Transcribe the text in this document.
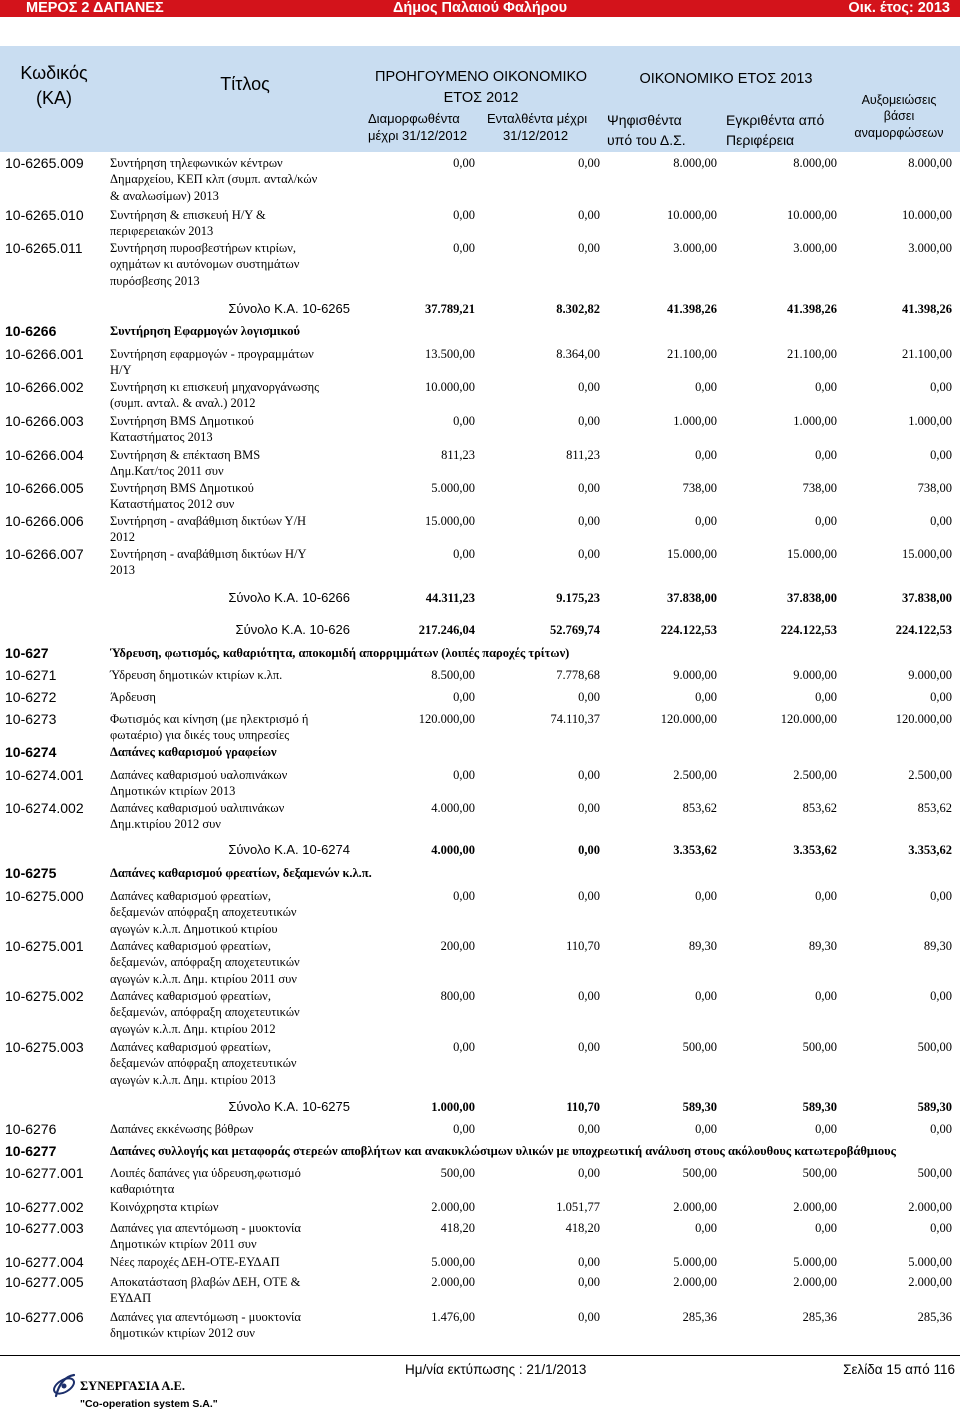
ΜΕΡΟΣ 2 ΔΑΠΑΝΕΣ	Δήμος Παλαιού Φαλήρου	Οικ. έτος: 2013
Κωδικός
(ΚΑ)
Τίτλος	ΠΡΟΗΓΟΥΜΕΝΟ ΟΙΚΟΝΟΜΙΚΟ
ΕΤΟΣ 2012
Διαμορφωθέντα
μέχρι 31/12/2012
Ενταλθέντα μέχρι
31/12/2012
ΟΙΚΟΝΟΜΙΚΟ ΕΤΟΣ 2013
Ψηφισθέντα
υπό του Δ.Σ.
Εγκριθέντα από
Περιφέρεια
Αυξομειώσεις
βάσει
αναμορφώσεων
10-6265.009 Συντήρηση τηλεφωνικών κέντρων
Δημαρχείου, ΚΕΠ κλπ (συμπ. ανταλ/κών
& αναλωσίμων) 2013
0,00	0,00	8.000,00	8.000,00	8.000,00
10-6265.010 Συντήρηση & επισκευή Η/Υ &
περιφερειακών 2013
0,00	0,00	10.000,00	10.000,00	10.000,00
10-6265.011 Συντήρηση πυροσβεστήρων κτιρίων,
οχημάτων κι αυτόνομων συστημάτων
πυρόσβεσης 2013
0,00	0,00	3.000,00	3.000,00	3.000,00
Σύνολο Κ.Α. 10-6265	37.789,21	8.302,82	41.398,26	41.398,26	41.398,26
10-6266	Συντήρηση Εφαρμογών λογισμικού
10-6266.001 Συντήρηση εφαρμογών - προγραμμάτων
Η/Υ
13.500,00	8.364,00	21.100,00	21.100,00	21.100,00
10-6266.002 Συντήρηση κι επισκευή μηχανοργάνωσης
(συμπ. ανταλ. & αναλ.) 2012
10.000,00	0,00	0,00	0,00	0,00
10-6266.003 Συντήρηση BMS Δημοτικού
Καταστήματος 2013
0,00	0,00	1.000,00	1.000,00	1.000,00
10-6266.004 Συντήρηση & επέκταση BMS
Δημ.Κατ/τος 2011 συν
811,23	811,23	0,00	0,00	0,00
10-6266.005 Συντήρηση BMS Δημοτικού
Καταστήματος 2012 συν
5.000,00	0,00	738,00	738,00	738,00
10-6266.006 Συντήρηση - αναβάθμιση δικτύων Υ/Η
2012
15.000,00	0,00	0,00	0,00	0,00
10-6266.007 Συντήρηση - αναβάθμιση δικτύων Η/Υ
2013
0,00	0,00	15.000,00	15.000,00	15.000,00
Σύνολο Κ.Α. 10-6266	44.311,23	9.175,23	37.838,00	37.838,00	37.838,00
Σύνολο Κ.Α. 10-626	217.246,04	52.769,74	224.122,53	224.122,53	224.122,53
10-627	Ύδρευση, φωτισμός, καθαριότητα, αποκομιδή απορριμμάτων (λοιπές παροχές τρίτων)
10-6271	Ύδρευση δημοτικών κτιρίων κ.λπ.	8.500,00	7.778,68	9.000,00	9.000,00	9.000,00
10-6272	Άρδευση	0,00	0,00	0,00	0,00	0,00
10-6273	Φωτισμός και κίνηση (με ηλεκτρισμό ή
φωταέριο) για δικές τους υπηρεσίες
120.000,00	74.110,37	120.000,00	120.000,00	120.000,00
10-6274	Δαπάνες καθαρισμού γραφείων
10-6274.001 Δαπάνες καθαρισμού υαλοπινάκων
Δημοτικών κτιρίων 2013
0,00	0,00	2.500,00	2.500,00	2.500,00
10-6274.002 Δαπάνες καθαρισμού υαλιπινάκων
Δημ.κτιρίου 2012 συν
4.000,00	0,00	853,62	853,62	853,62
Σύνολο Κ.Α. 10-6274	4.000,00	0,00	3.353,62	3.353,62	3.353,62
10-6275	Δαπάνες καθαρισμού φρεατίων, δεξαμενών κ.λ.π.
10-6275.000 Δαπάνες καθαρισμού φρεατίων,
δεξαμενών απόφραξη αποχετευτικών
αγωγών κ.λ.π. Δημοτικού κτιρίου
0,00	0,00	0,00	0,00	0,00
10-6275.001 Δαπάνες καθαρισμού φρεατίων,
δεξαμενών, απόφραξη αποχετευτικών
αγωγών κ.λ.π. Δημ. κτιρίου 2011 συν
200,00	110,70	89,30	89,30	89,30
10-6275.002 Δαπάνες καθαρισμού φρεατίων,
δεξαμενών, απόφραξη αποχετευτικών
αγωγών κ.λ.π. Δημ. κτιρίου 2012
800,00	0,00	0,00	0,00	0,00
10-6275.003 Δαπάνες καθαρισμού φρεατίων,
δεξαμενών απόφραξη αποχετευτικών
αγωγών κ.λ.π. Δημ. κτιρίου 2013
0,00	0,00	500,00	500,00	500,00
Σύνολο Κ.Α. 10-6275	1.000,00	110,70	589,30	589,30	589,30
10-6276	Δαπάνες εκκένωσης βόθρων	0,00	0,00	0,00	0,00	0,00
10-6277	Δαπάνες συλλογής και μεταφοράς στερεών αποβλήτων και ανακυκλώσιμων υλικών με υποχρεωτική ανάλυση στους ακόλουθους κατωτεροβάθμιους
10-6277.001 Λοιπές δαπάνες για ύδρευση,φωτισμό
καθαριότητα
500,00	0,00	500,00	500,00	500,00
10-6277.002 Κοινόχρηστα κτιρίων	2.000,00	1.051,77	2.000,00	2.000,00	2.000,00
10-6277.003 Δαπάνες για απεντόμωση - μυοκτονία
Δημοτικών κτιρίων 2011 συν
418,20	418,20	0,00	0,00	0,00
10-6277.004 Νέες παροχές ΔΕΗ-ΟΤΕ-ΕΥΔΑΠ	5.000,00	0,00	5.000,00	5.000,00	5.000,00
10-6277.005 Αποκατάσταση βλαβών ΔΕΗ, ΟΤΕ &
ΕΥΔΑΠ
2.000,00	0,00	2.000,00	2.000,00	2.000,00
10-6277.006 Δαπάνες για απεντόμωση - μυοκτονία
δημοτικών κτιρίων 2012 συν
1.476,00	0,00	285,36	285,36	285,36
Ημ/νία εκτύπωσης : 21/1/2013	Σελίδα 15 από 116
ΣΥΝΕΡΓΑΣΙΑ Α.Ε.
"Co-operation system S.A."
